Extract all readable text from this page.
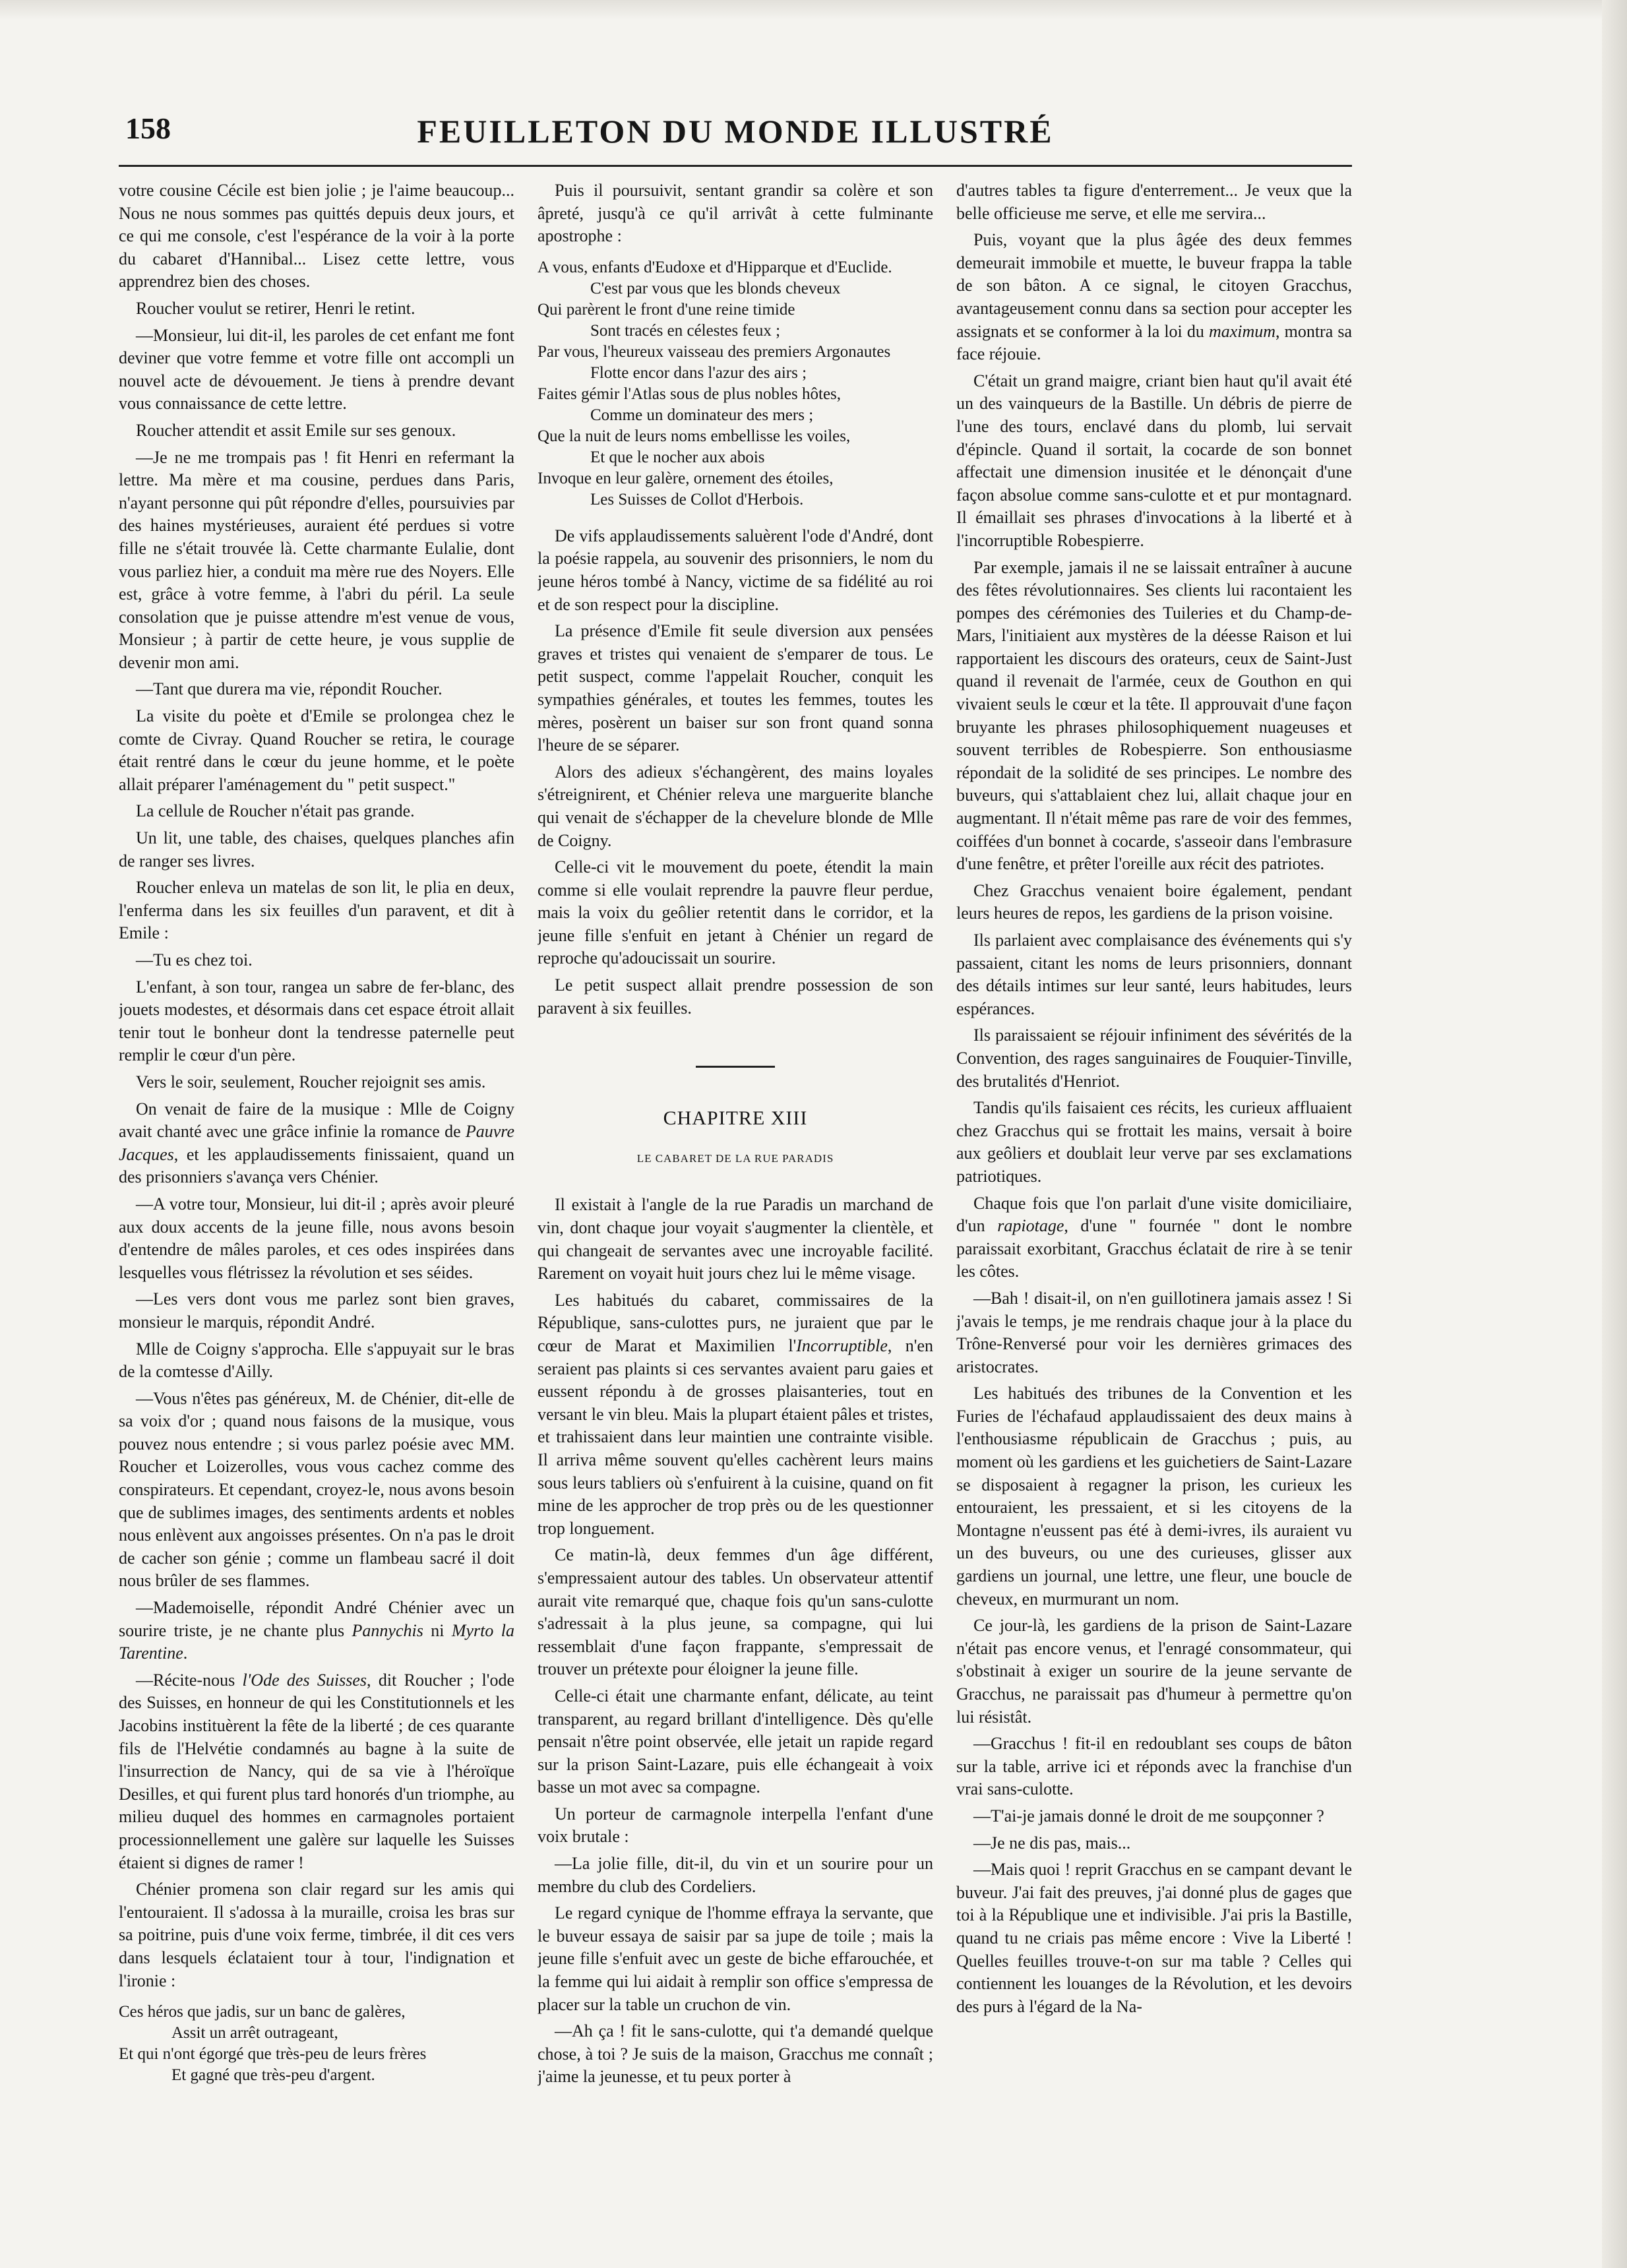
158	FEUILLETON DU MONDE ILLUSTRÉ

votre cousine Cécile est bien jolie ; je l'aime beaucoup... Nous ne nous sommes pas quittés depuis deux jours, et ce qui me console, c'est l'espérance de la voir à la porte du cabaret d'Hannibal... Lisez cette lettre, vous apprendrez bien des choses.

Roucher voulut se retirer, Henri le retint.

—Monsieur, lui dit-il, les paroles de cet enfant me font deviner que votre femme et votre fille ont accompli un nouvel acte de dévouement. Je tiens à prendre devant vous connaissance de cette lettre.

Roucher attendit et assit Emile sur ses genoux.

—Je ne me trompais pas ! fit Henri en refermant la lettre. Ma mère et ma cousine, perdues dans Paris, n'ayant personne qui pût répondre d'elles, poursuivies par des haines mystérieuses, auraient été perdues si votre fille ne s'était trouvée là. Cette charmante Eulalie, dont vous parliez hier, a conduit ma mère rue des Noyers. Elle est, grâce à votre femme, à l'abri du péril. La seule consolation que je puisse attendre m'est venue de vous, Monsieur ; à partir de cette heure, je vous supplie de devenir mon ami.

—Tant que durera ma vie, répondit Roucher.

La visite du poète et d'Emile se prolongea chez le comte de Civray. Quand Roucher se retira, le courage était rentré dans le cœur du jeune homme, et le poète allait préparer l'aménagement du " petit suspect."

La cellule de Roucher n'était pas grande.

Un lit, une table, des chaises, quelques planches afin de ranger ses livres.

Roucher enleva un matelas de son lit, le plia en deux, l'enferma dans les six feuilles d'un paravent, et dit à Emile :

—Tu es chez toi.

L'enfant, à son tour, rangea un sabre de fer-blanc, des jouets modestes, et désormais dans cet espace étroit allait tenir tout le bonheur dont la tendresse paternelle peut remplir le cœur d'un père.

Vers le soir, seulement, Roucher rejoignit ses amis.

On venait de faire de la musique : Mlle de Coigny avait chanté avec une grâce infinie la romance de Pauvre Jacques, et les applaudissements finissaient, quand un des prisonniers s'avança vers Chénier.

—A votre tour, Monsieur, lui dit-il ; après avoir pleuré aux doux accents de la jeune fille, nous avons besoin d'entendre de mâles paroles, et ces odes inspirées dans lesquelles vous flétrissez la révolution et ses séides.

—Les vers dont vous me parlez sont bien graves, monsieur le marquis, répondit André.

Mlle de Coigny s'approcha. Elle s'appuyait sur le bras de la comtesse d'Ailly.

—Vous n'êtes pas généreux, M. de Chénier, dit-elle de sa voix d'or ; quand nous faisons de la musique, vous pouvez nous entendre ; si vous parlez poésie avec MM. Roucher et Loizerolles, vous vous cachez comme des conspirateurs. Et cependant, croyez-le, nous avons besoin que de sublimes images, des sentiments ardents et nobles nous enlèvent aux angoisses présentes. On n'a pas le droit de cacher son génie ; comme un flambeau sacré il doit nous brûler de ses flammes.

—Mademoiselle, répondit André Chénier avec un sourire triste, je ne chante plus Pannychis ni Myrto la Tarentine.

—Récite-nous l'Ode des Suisses, dit Roucher ; l'ode des Suisses, en honneur de qui les Constitutionnels et les Jacobins instituèrent la fête de la liberté ; de ces quarante fils de l'Helvétie condamnés au bagne à la suite de l'insurrection de Nancy, qui de sa vie à l'héroïque Desilles, et qui furent plus tard honorés d'un triomphe, au milieu duquel des hommes en carmagnoles portaient processionnellement une galère sur laquelle les Suisses étaient si dignes de ramer !

Chénier promena son clair regard sur les amis qui l'entouraient. Il s'adossa à la muraille, croisa les bras sur sa poitrine, puis d'une voix ferme, timbrée, il dit ces vers dans lesquels éclataient tour à tour, l'indignation et l'ironie :

Ces héros que jadis, sur un banc de galères,
Assit un arrêt outrageant,
Et qui n'ont égorgé que très-peu de leurs frères
Et gagné que très-peu d'argent.

Puis il poursuivit, sentant grandir sa colère et son âpreté, jusqu'à ce qu'il arrivât à cette fulminante apostrophe :

A vous, enfants d'Eudoxe et d'Hipparque et d'Euclide.
C'est par vous que les blonds cheveux
Qui parèrent le front d'une reine timide
Sont tracés en célestes feux ;
Par vous, l'heureux vaisseau des premiers Argonautes
Flotte encor dans l'azur des airs ;
Faites gémir l'Atlas sous de plus nobles hôtes,
Comme un dominateur des mers ;
Que la nuit de leurs noms embellisse les voiles,
Et que le nocher aux abois
Invoque en leur galère, ornement des étoiles,
Les Suisses de Collot d'Herbois.

De vifs applaudissements saluèrent l'ode d'André, dont la poésie rappela, au souvenir des prisonniers, le nom du jeune héros tombé à Nancy, victime de sa fidélité au roi et de son respect pour la discipline.

La présence d'Emile fit seule diversion aux pensées graves et tristes qui venaient de s'emparer de tous. Le petit suspect, comme l'appelait Roucher, conquit les sympathies générales, et toutes les femmes, toutes les mères, posèrent un baiser sur son front quand sonna l'heure de se séparer.

Alors des adieux s'échangèrent, des mains loyales s'étreignirent, et Chénier releva une marguerite blanche qui venait de s'échapper de la chevelure blonde de Mlle de Coigny.

Celle-ci vit le mouvement du poete, étendit la main comme si elle voulait reprendre la pauvre fleur perdue, mais la voix du geôlier retentit dans le corridor, et la jeune fille s'enfuit en jetant à Chénier un regard de reproche qu'adoucissait un sourire.

Le petit suspect allait prendre possession de son paravent à six feuilles.

CHAPITRE XIII
LE CABARET DE LA RUE PARADIS

Il existait à l'angle de la rue Paradis un marchand de vin, dont chaque jour voyait s'augmenter la clientèle, et qui changeait de servantes avec une incroyable facilité. Rarement on voyait huit jours chez lui le même visage.

Les habitués du cabaret, commissaires de la République, sans-culottes purs, ne juraient que par le cœur de Marat et Maximilien l'Incorruptible, n'en seraient pas plaints si ces servantes avaient paru gaies et eussent répondu à de grosses plaisanteries, tout en versant le vin bleu. Mais la plupart étaient pâles et tristes, et trahissaient dans leur maintien une contrainte visible. Il arriva même souvent qu'elles cachèrent leurs mains sous leurs tabliers où s'enfuirent à la cuisine, quand on fit mine de les approcher de trop près ou de les questionner trop longuement.

Ce matin-là, deux femmes d'un âge différent, s'empressaient autour des tables. Un observateur attentif aurait vite remarqué que, chaque fois qu'un sans-culotte s'adressait à la plus jeune, sa compagne, qui lui ressemblait d'une façon frappante, s'empressait de trouver un prétexte pour éloigner la jeune fille.

Celle-ci était une charmante enfant, délicate, au teint transparent, au regard brillant d'intelligence. Dès qu'elle pensait n'être point observée, elle jetait un rapide regard sur la prison Saint-Lazare, puis elle échangeait à voix basse un mot avec sa compagne.

Un porteur de carmagnole interpella l'enfant d'une voix brutale :

—La jolie fille, dit-il, du vin et un sourire pour un membre du club des Cordeliers.

Le regard cynique de l'homme effraya la servante, que le buveur essaya de saisir par sa jupe de toile ; mais la jeune fille s'enfuit avec un geste de biche effarouchée, et la femme qui lui aidait à remplir son office s'empressa de placer sur la table un cruchon de vin.

—Ah ça ! fit le sans-culotte, qui t'a demandé quelque chose, à toi ? Je suis de la maison, Gracchus me connaît ; j'aime la jeunesse, et tu peux porter à

d'autres tables ta figure d'enterrement... Je veux que la belle officieuse me serve, et elle me servira...

Puis, voyant que la plus âgée des deux femmes demeurait immobile et muette, le buveur frappa la table de son bâton. A ce signal, le citoyen Gracchus, avantageusement connu dans sa section pour accepter les assignats et se conformer à la loi du maximum, montra sa face réjouie.

C'était un grand maigre, criant bien haut qu'il avait été un des vainqueurs de la Bastille. Un débris de pierre de l'une des tours, enclavé dans du plomb, lui servait d'épincle. Quand il sortait, la cocarde de son bonnet affectait une dimension inusitée et le dénonçait d'une façon absolue comme sans-culotte et et pur montagnard. Il émaillait ses phrases d'invocations à la liberté et à l'incorruptible Robespierre.

Par exemple, jamais il ne se laissait entraîner à aucune des fêtes révolutionnaires. Ses clients lui racontaient les pompes des cérémonies des Tuileries et du Champ-de-Mars, l'initiaient aux mystères de la déesse Raison et lui rapportaient les discours des orateurs, ceux de Saint-Just quand il revenait de l'armée, ceux de Gouthon en qui vivaient seuls le cœur et la tête. Il approuvait d'une façon bruyante les phrases philosophiquement nuageuses et souvent terribles de Robespierre. Son enthousiasme répondait de la solidité de ses principes. Le nombre des buveurs, qui s'attablaient chez lui, allait chaque jour en augmentant. Il n'était même pas rare de voir des femmes, coiffées d'un bonnet à cocarde, s'asseoir dans l'embrasure d'une fenêtre, et prêter l'oreille aux récit des patriotes.

Chez Gracchus venaient boire également, pendant leurs heures de repos, les gardiens de la prison voisine.

Ils parlaient avec complaisance des événements qui s'y passaient, citant les noms de leurs prisonniers, donnant des détails intimes sur leur santé, leurs habitudes, leurs espérances.

Ils paraissaient se réjouir infiniment des sévérités de la Convention, des rages sanguinaires de Fouquier-Tinville, des brutalités d'Henriot.

Tandis qu'ils faisaient ces récits, les curieux affluaient chez Gracchus qui se frottait les mains, versait à boire aux geôliers et doublait leur verve par ses exclamations patriotiques.

Chaque fois que l'on parlait d'une visite domiciliaire, d'un rapiotage, d'une " fournée " dont le nombre paraissait exorbitant, Gracchus éclatait de rire à se tenir les côtes.

—Bah ! disait-il, on n'en guillotinera jamais assez ! Si j'avais le temps, je me rendrais chaque jour à la place du Trône-Renversé pour voir les dernières grimaces des aristocrates.

Les habitués des tribunes de la Convention et les Furies de l'échafaud applaudissaient des deux mains à l'enthousiasme républicain de Gracchus ; puis, au moment où les gardiens et les guichetiers de Saint-Lazare se disposaient à regagner la prison, les curieux les entouraient, les pressaient, et si les citoyens de la Montagne n'eussent pas été à demi-ivres, ils auraient vu un des buveurs, ou une des curieuses, glisser aux gardiens un journal, une lettre, une fleur, une boucle de cheveux, en murmurant un nom.

Ce jour-là, les gardiens de la prison de Saint-Lazare n'était pas encore venus, et l'enragé consommateur, qui s'obstinait à exiger un sourire de la jeune servante de Gracchus, ne paraissait pas d'humeur à permettre qu'on lui résistât.

—Gracchus ! fit-il en redoublant ses coups de bâton sur la table, arrive ici et réponds avec la franchise d'un vrai sans-culotte.

—T'ai-je jamais donné le droit de me soupçonner ?

—Je ne dis pas, mais...

—Mais quoi ! reprit Gracchus en se campant devant le buveur. J'ai fait des preuves, j'ai donné plus de gages que toi à la République une et indivisible. J'ai pris la Bastille, quand tu ne criais pas même encore : Vive la Liberté ! Quelles feuilles trouve-t-on sur ma table ? Celles qui contiennent les louanges de la Révolution, et les devoirs des purs à l'égard de la Na-
